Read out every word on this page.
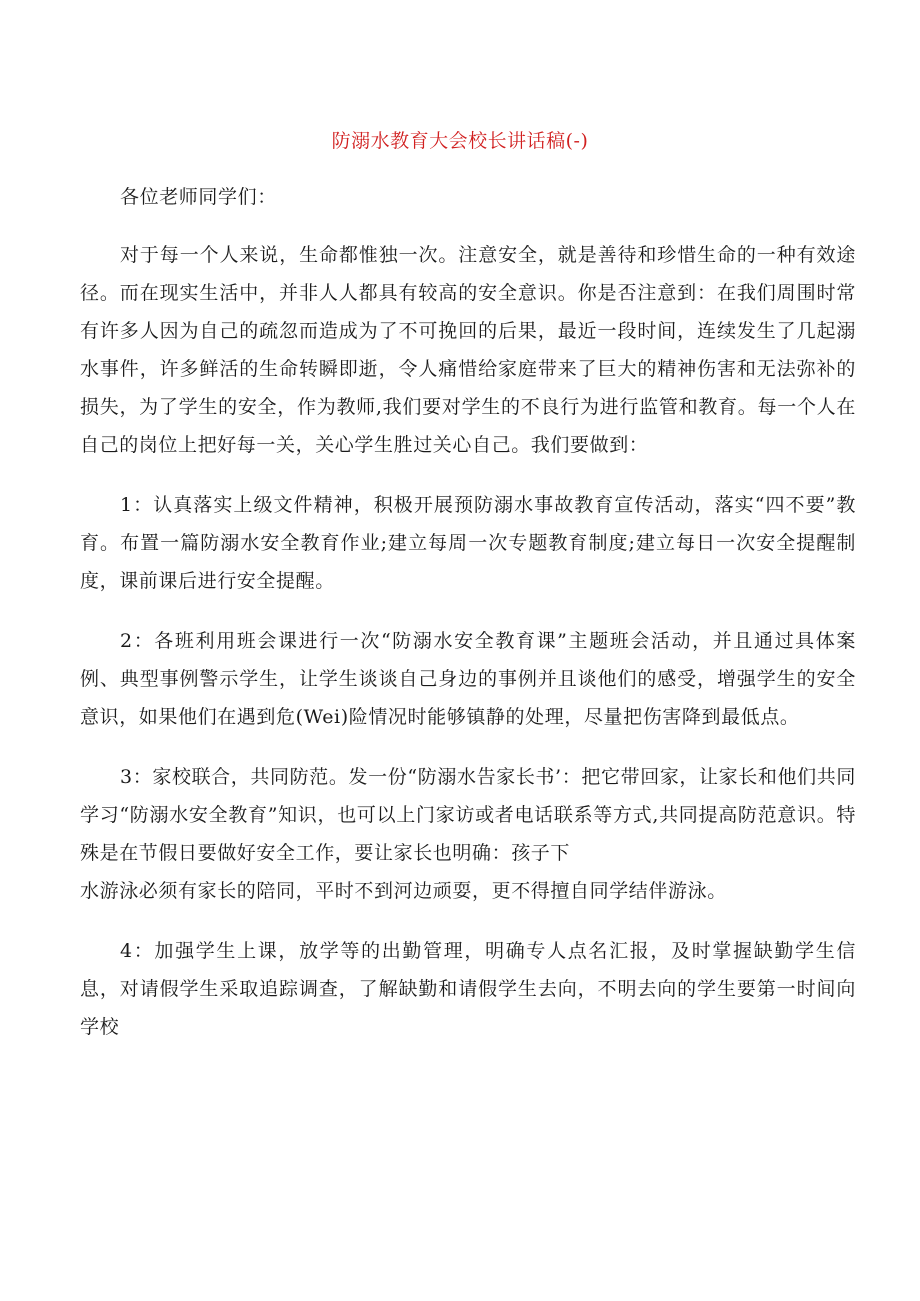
防溺水教育大会校长讲话稿(-)

各位老师同学们：

对于每一个人来说，生命都惟独一次。注意安全，就是善待和珍惜生命的一种有效途径。而在现实生活中，并非人人都具有较高的安全意识。你是否注意到：在我们周围时常有许多人因为自己的疏忽而造成为了不可挽回的后果，最近一段时间，连续发生了几起溺水事件，许多鲜活的生命转瞬即逝，令人痛惜给家庭带来了巨大的精神伤害和无法弥补的损失，为了学生的安全，作为教师,我们要对学生的不良行为进行监管和教育。每一个人在自己的岗位上把好每一关，关心学生胜过关心自己。我们要做到：

1：认真落实上级文件精神，积极开展预防溺水事故教育宣传活动，落实“四不要”教育。布置一篇防溺水安全教育作业;建立每周一次专题教育制度;建立每日一次安全提醒制度，课前课后进行安全提醒。

2：各班利用班会课进行一次“防溺水安全教育课”主题班会活动，并且通过具体案例、典型事例警示学生，让学生谈谈自己身边的事例并且谈他们的感受，增强学生的安全意识，如果他们在遇到危(Wei)险情况时能够镇静的处理，尽量把伤害降到最低点。

3：家校联合，共同防范。发一份“防溺水告家长书’：把它带回家，让家长和他们共同学习“防溺水安全教育”知识，也可以上门家访或者电话联系等方式,共同提高防范意识。特殊是在节假日要做好安全工作，要让家长也明确：孩子下

水游泳必须有家长的陪同，平时不到河边顽耍，更不得擅自同学结伴游泳。

4：加强学生上课，放学等的出勤管理，明确专人点名汇报，及时掌握缺勤学生信息，对请假学生采取追踪调查，了解缺勤和请假学生去向，不明去向的学生要第一时间向学校
